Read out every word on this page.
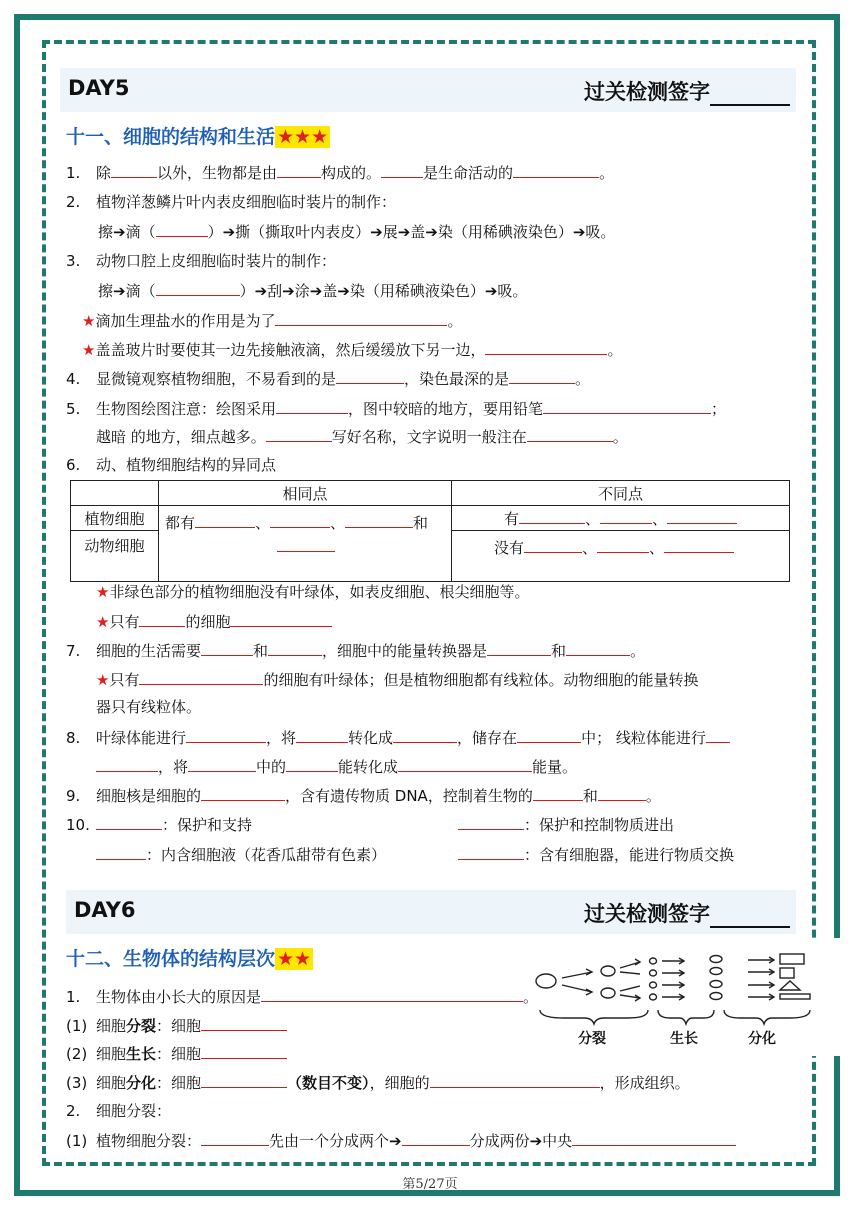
DAY5	过关检测签字
十一、细胞的结构和生活 ★★★
1. 除	以外，生物都是由	构成的。	是生命活动的	。
2. 植物洋葱鳞片叶内表皮细胞临时装片的制作：
擦➔滴（	）➔撕（撕取叶内表皮）➔展➔盖➔染（用稀碘液染色）➔吸。
3. 动物口腔上皮细胞临时装片的制作：
擦➔滴（	）➔刮➔涂➔盖➔染（用稀碘液染色）➔吸。
★滴加生理盐水的作用是为了	。
★盖盖玻片时要使其一边先接触液滴，然后缓缓放下另一边，	。
4. 显微镜观察植物细胞，不易看到的是	，染色最深的是	。
5. 生物图绘图注意：绘图采用	，图中较暗的地方，要用铅笔	；
越暗 的地方，细点越多。	写好名称，文字说明一般注在	。
6. 动、植物细胞结构的异同点
	相同点	不同点
植物细胞	都有 、 、 和	有 、 、
动物细胞		没有 、 、
★非绿色部分的植物细胞没有叶绿体，如表皮细胞、根尖细胞等。
★只有	的细胞
7. 细胞的生活需要	和	，细胞中的能量转换器是	和	。
★只有	的细胞有叶绿体；但是植物细胞都有线粒体。动物细胞的能量转换
器只有线粒体。
8. 叶绿体能进行	，将	转化成	，储存在	中； 线粒体能进行
，将	中的	能转化成	能量。
9. 细胞核是细胞的	，含有遗传物质 DNA，控制着生物的	和	。
10.	：保护和支持	：保护和控制物质进出
：内含细胞液（花香瓜甜带有色素）	：含有细胞器，能进行物质交换
DAY6	过关检测签字
十二、生物体的结构层次 ★★
分裂	生长	分化
1. 生物体由小长大的原因是	。
(1) 细胞分裂：细胞
(2) 细胞生长：细胞
(3) 细胞分化：细胞	（数目不变），细胞的	，形成组织。
2. 细胞分裂：
(1) 植物细胞分裂：	先由一个分成两个➔	分成两份➔中央
第5/27页
